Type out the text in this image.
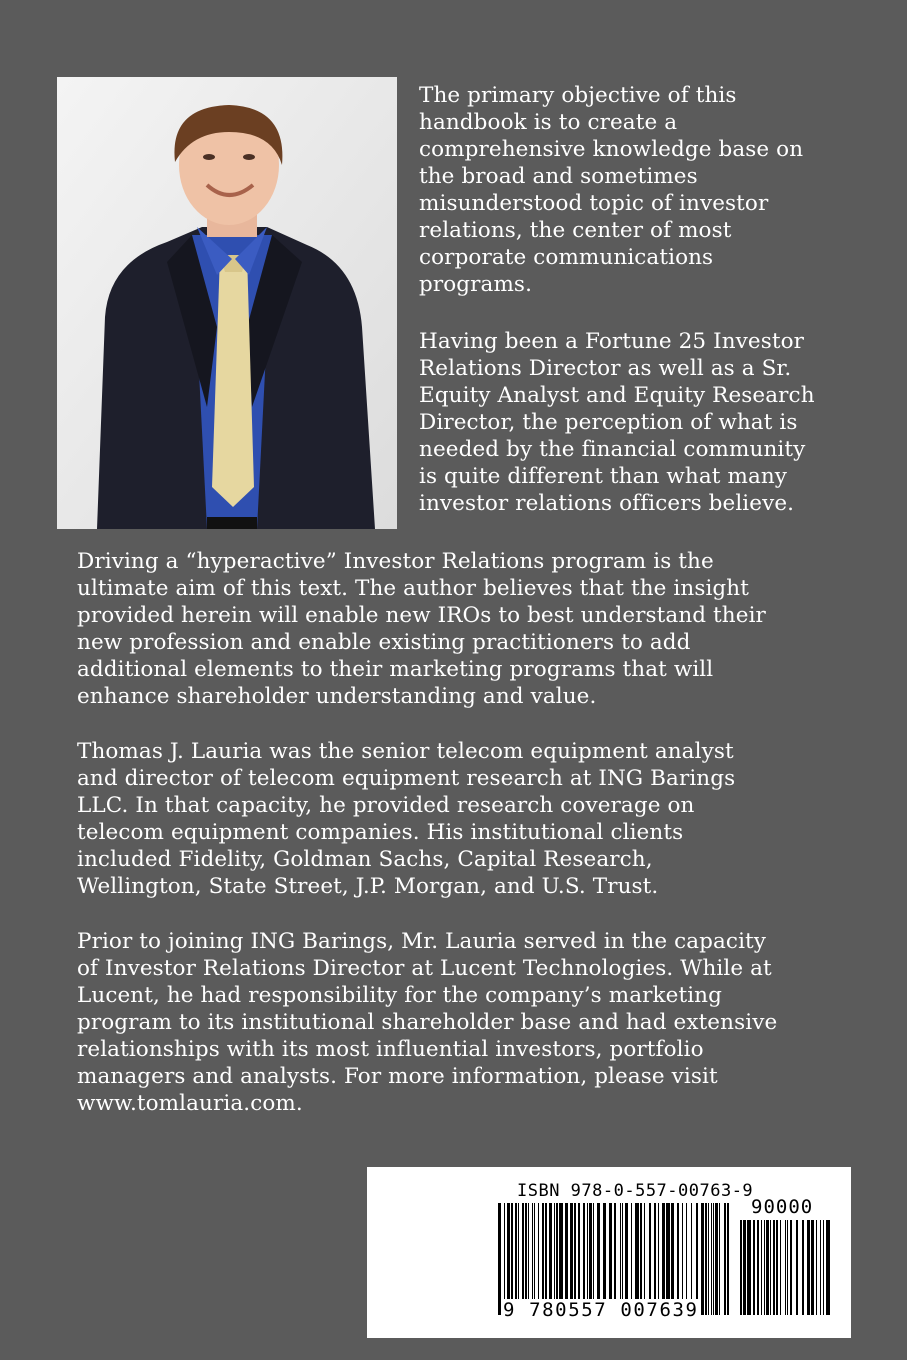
The primary objective of this
handbook is to create a
comprehensive knowledge base on
the broad and sometimes
misunderstood topic of investor
relations, the center of most
corporate communications
programs.

Having been a Fortune 25 Investor
Relations Director as well as a Sr.
Equity Analyst and Equity Research
Director, the perception of what is
needed by the financial community
is quite different than what many
investor relations officers believe.

Driving a “hyperactive” Investor Relations program is the
ultimate aim of this text. The author believes that the insight
provided herein will enable new IROs to best understand their
new profession and enable existing practitioners to add
additional elements to their marketing programs that will
enhance shareholder understanding and value.

Thomas J. Lauria was the senior telecom equipment analyst
and director of telecom equipment research at ING Barings
LLC. In that capacity, he provided research coverage on
telecom equipment companies. His institutional clients
included Fidelity, Goldman Sachs, Capital Research,
Wellington, State Street, J.P. Morgan, and U.S. Trust.

Prior to joining ING Barings, Mr. Lauria served in the capacity
of Investor Relations Director at Lucent Technologies. While at
Lucent, he had responsibility for the company’s marketing
program to its institutional shareholder base and had extensive
relationships with its most influential investors, portfolio
managers and analysts. For more information, please visit
www.tomlauria.com.

ISBN 978-0-557-00763-9
90000
9 780557 007639
